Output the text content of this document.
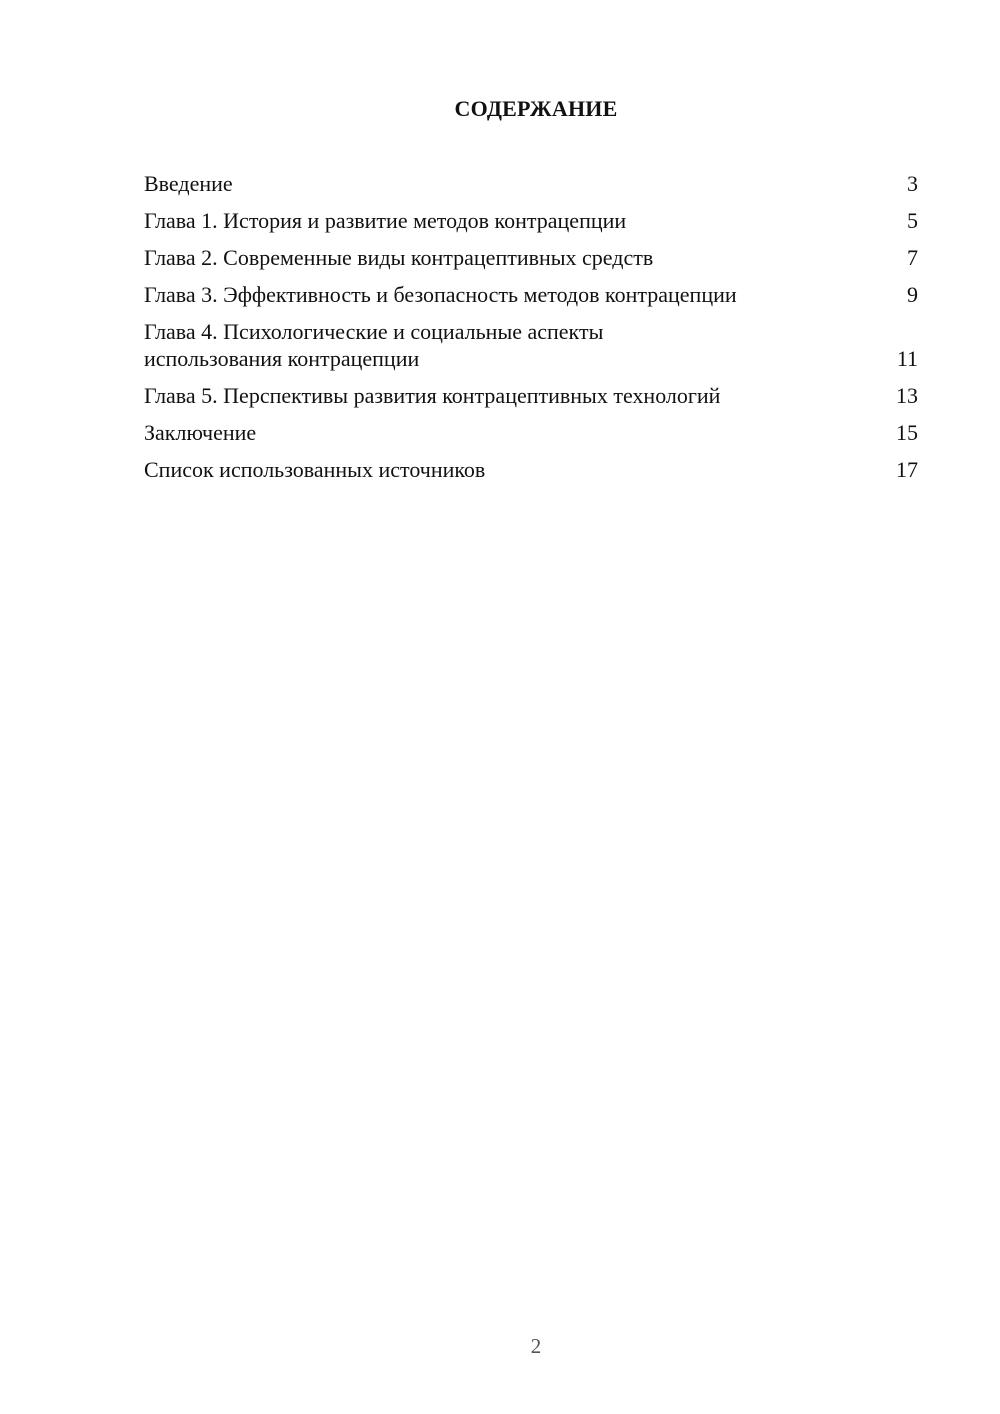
СОДЕРЖАНИЕ
Введение	3
Глава 1. История и развитие методов контрацепции	5
Глава 2. Современные виды контрацептивных средств	7
Глава 3. Эффективность и безопасность методов контрацепции	9
Глава 4. Психологические и социальные аспекты
использования контрацепции	11
Глава 5. Перспективы развития контрацептивных технологий	13
Заключение	15
Список использованных источников	17
2
